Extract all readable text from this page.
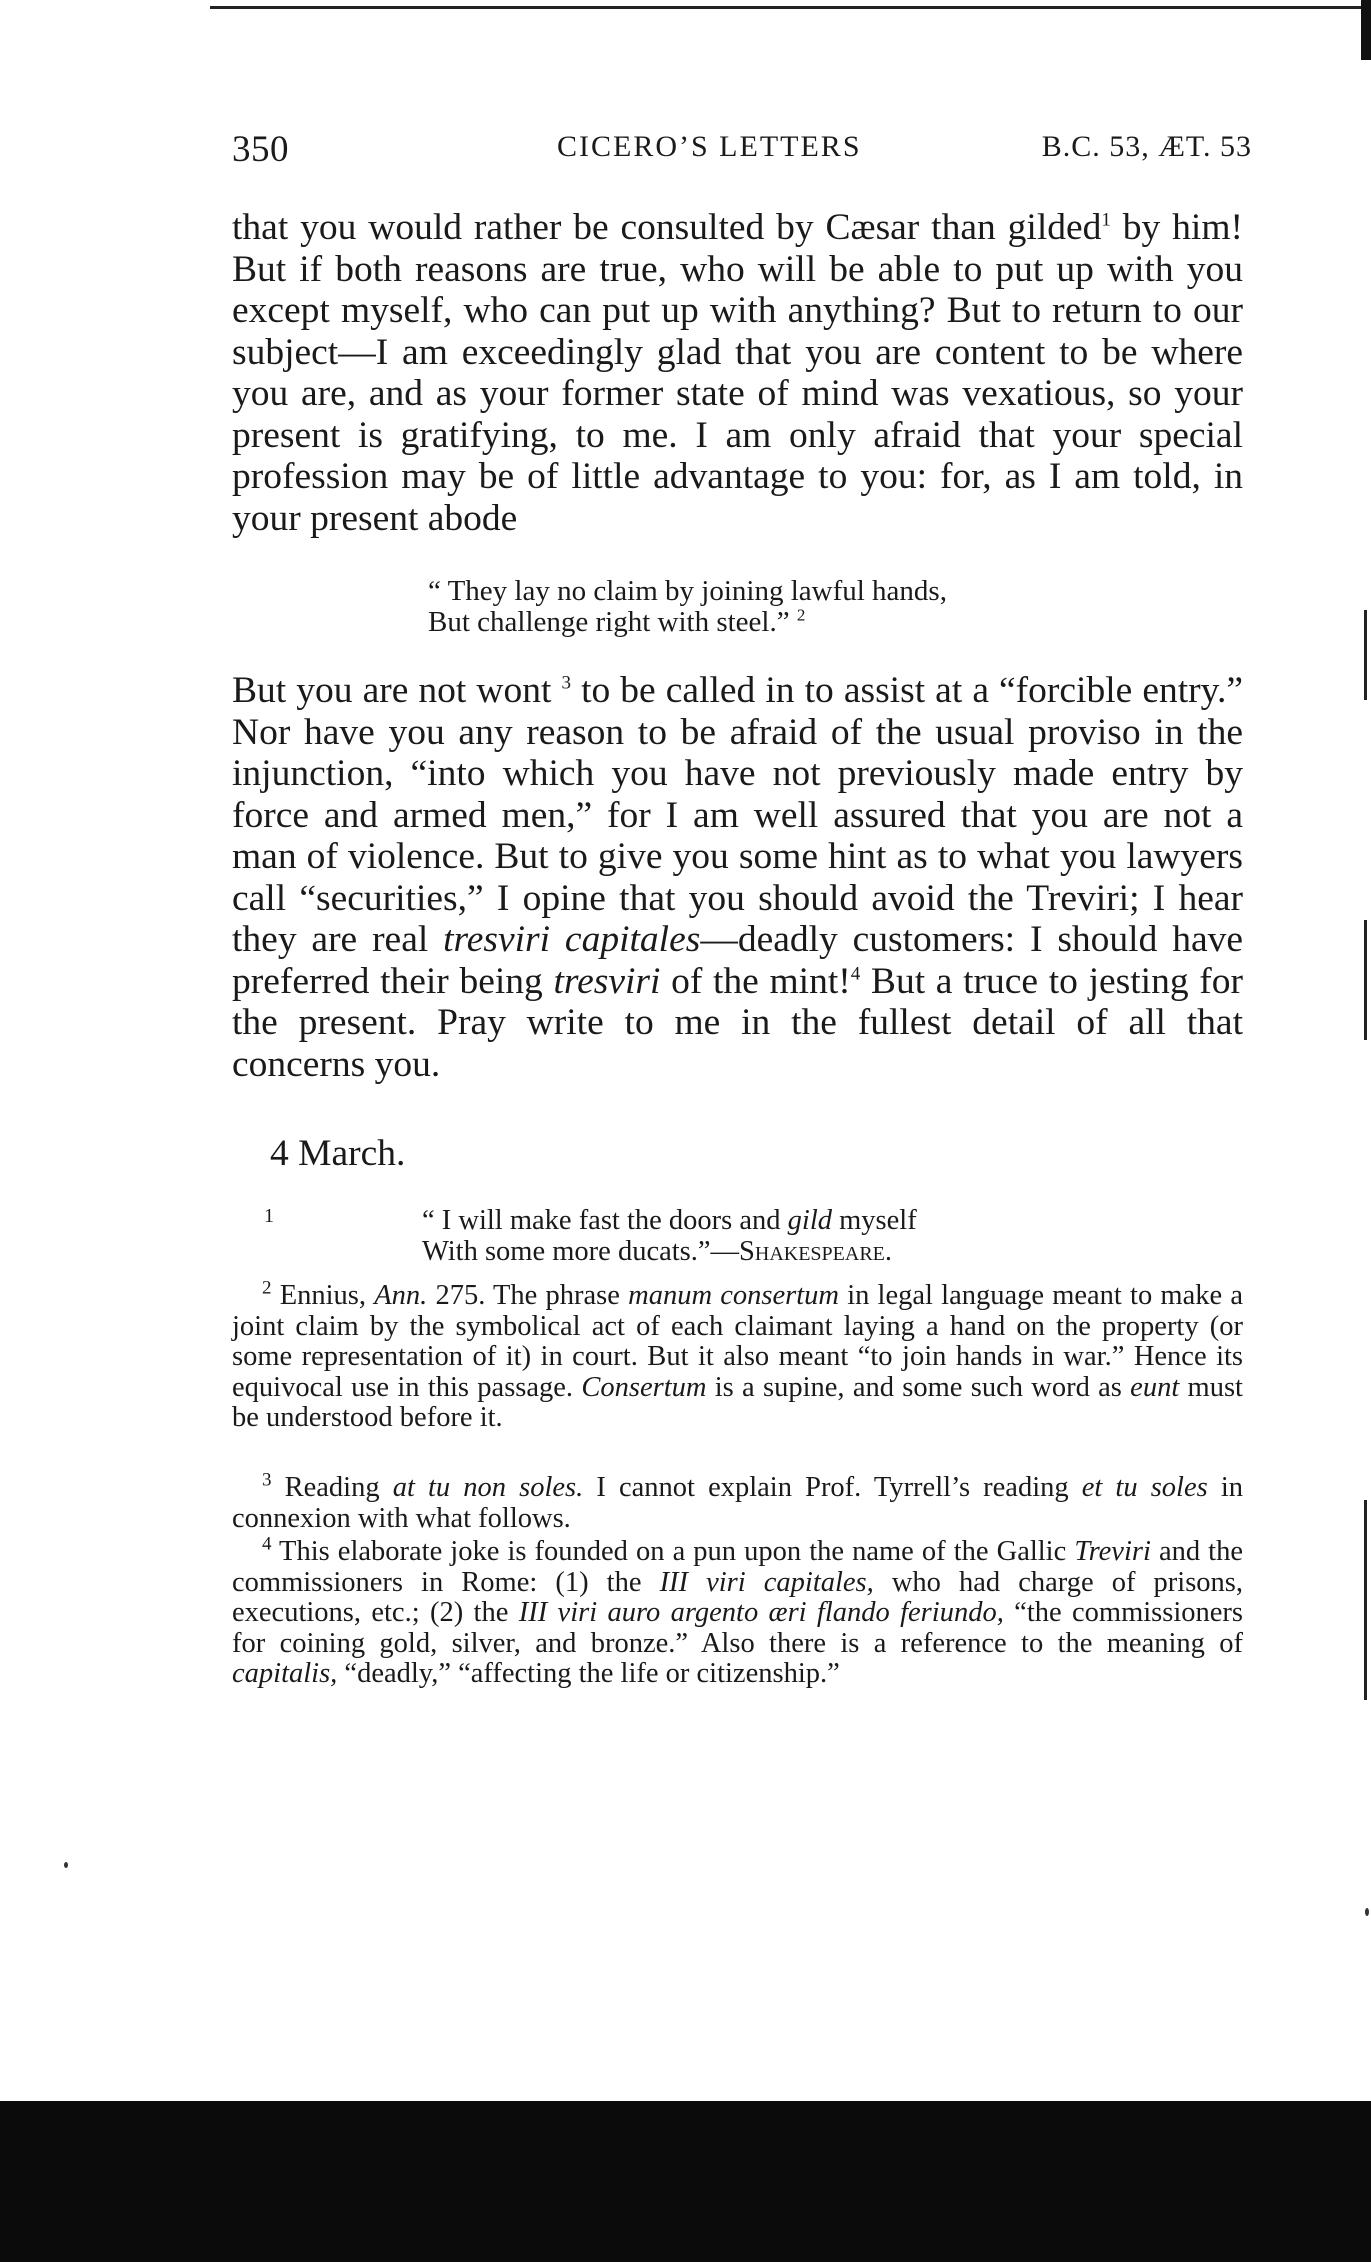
350	CICERO’S LETTERS	B.C. 53, ÆT. 53

that you would rather be consulted by Cæsar than gilded$^1$ by him! But if both reasons are true, who will be able to put up with you except myself, who can put up with anything? But to return to our subject—I am exceedingly glad that you are content to be where you are, and as your former state of mind was vexatious, so your present is gratifying, to me. I am only afraid that your special profession may be of little advantage to you: for, as I am told, in your present abode

“ They lay no claim by joining lawful hands,
But challenge right with steel.” $^2$

But you are not wont $^3$ to be called in to assist at a “forcible entry.” Nor have you any reason to be afraid of the usual proviso in the injunction, “into which you have not previously made entry by force and armed men,” for I am well assured that you are not a man of violence. But to give you some hint as to what you lawyers call “securities,” I opine that you should avoid the Treviri; I hear they are real tresviri capitales—deadly customers: I should have preferred their being tresviri of the mint!$^4$ But a truce to jesting for the present. Pray write to me in the fullest detail of all that concerns you.

4 March.
1	“ I will make fast the doors and gild myself
With some more ducats.”—Shakespeare.

$^2$ Ennius, Ann. 275. The phrase manum consertum in legal language meant to make a joint claim by the symbolical act of each claimant laying a hand on the property (or some representation of it) in court. But it also meant “to join hands in war.” Hence its equivocal use in this passage. Consertum is a supine, and some such word as eunt must be understood before it.

$^3$ Reading at tu non soles. I cannot explain Prof. Tyrrell’s reading et tu soles in connexion with what follows.

$^4$ This elaborate joke is founded on a pun upon the name of the Gallic Treviri and the commissioners in Rome: (1) the III viri capitales, who had charge of prisons, executions, etc.; (2) the III viri auro argento æri flando feriundo, “the commissioners for coining gold, silver, and bronze.” Also there is a reference to the meaning of capitalis, “deadly,” “affecting the life or citizenship.”
